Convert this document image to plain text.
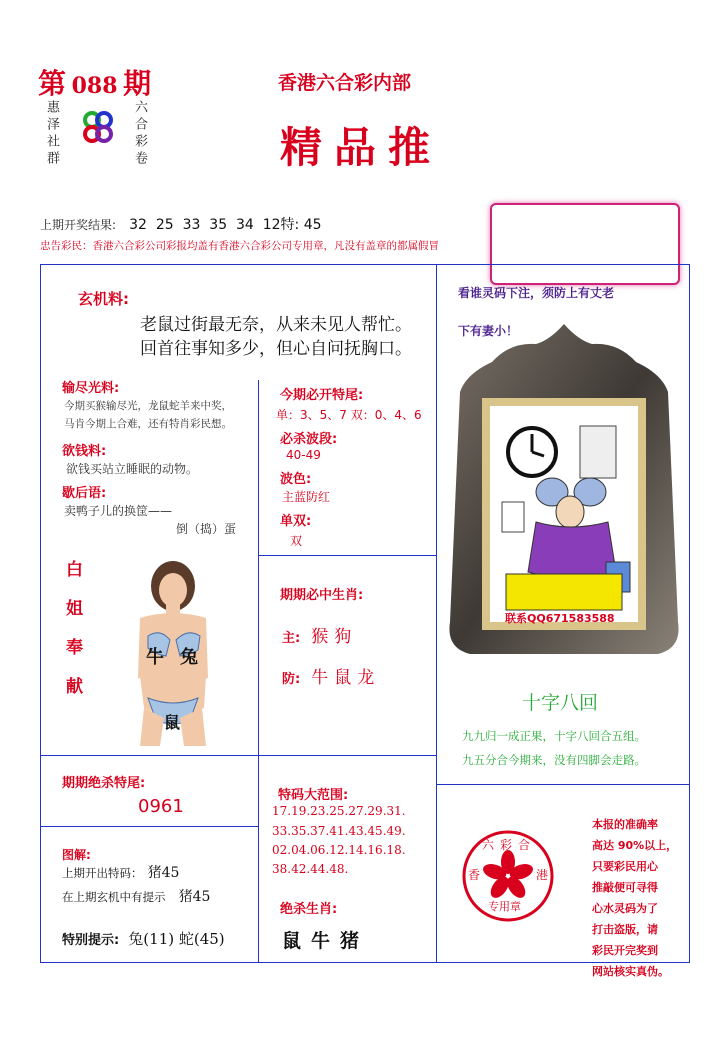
第 088 期
惠泽社群	六合彩卷
香港六合彩内部
精品推
上期开奖结果: 32  25  33  35  34  12特: 45
忠告彩民：香港六合彩公司彩报均盖有香港六合彩公司专用章，凡没有盖章的都属假冒
玄机料:
老鼠过街最无奈，从来未见人帮忙。
回首往事知多少，但心自问抚胸口。
输尽光料:
今期买猴输尽光，龙鼠蛇羊来中奖，
马肯今期上合难，还有特肖彩民想。
欲钱料:
欲钱买站立睡眠的动物。
歇后语:
卖鸭子儿的换筐——
倒（捣）蛋
白姐奉献	牛 兔
鼠
今期必开特尾:
单：3、5、7 双：0、4、6
必杀波段:
40-49
波色:
主蓝防红
单双:
双
期期必中生肖:
主: 猴狗
防: 牛鼠龙
看谁灵码下注，须防上有丈老
下有妻小！
联系QQ671583588
十字八回
九九归一成正果，十字八回合五组。
九五分合今期来，没有四脚会走路。
期期绝杀特尾:
0961
特码大范围:
17.19.23.25.27.29.31.
33.35.37.41.43.45.49.
02.04.06.12.14.16.18.
38.42.44.48.
图解:
上期开出特码： 猪45
在上期玄机中有提示 猪45
特别提示: 兔(11) 蛇(45)
绝杀生肖:
鼠牛猪
六彩合
香	港
专用章
本报的准确率
高达 90%以上，
只要彩民用心
推敲便可寻得
心水灵码为了
打击盗版，请
彩民开完奖到
网站核实真伪。
